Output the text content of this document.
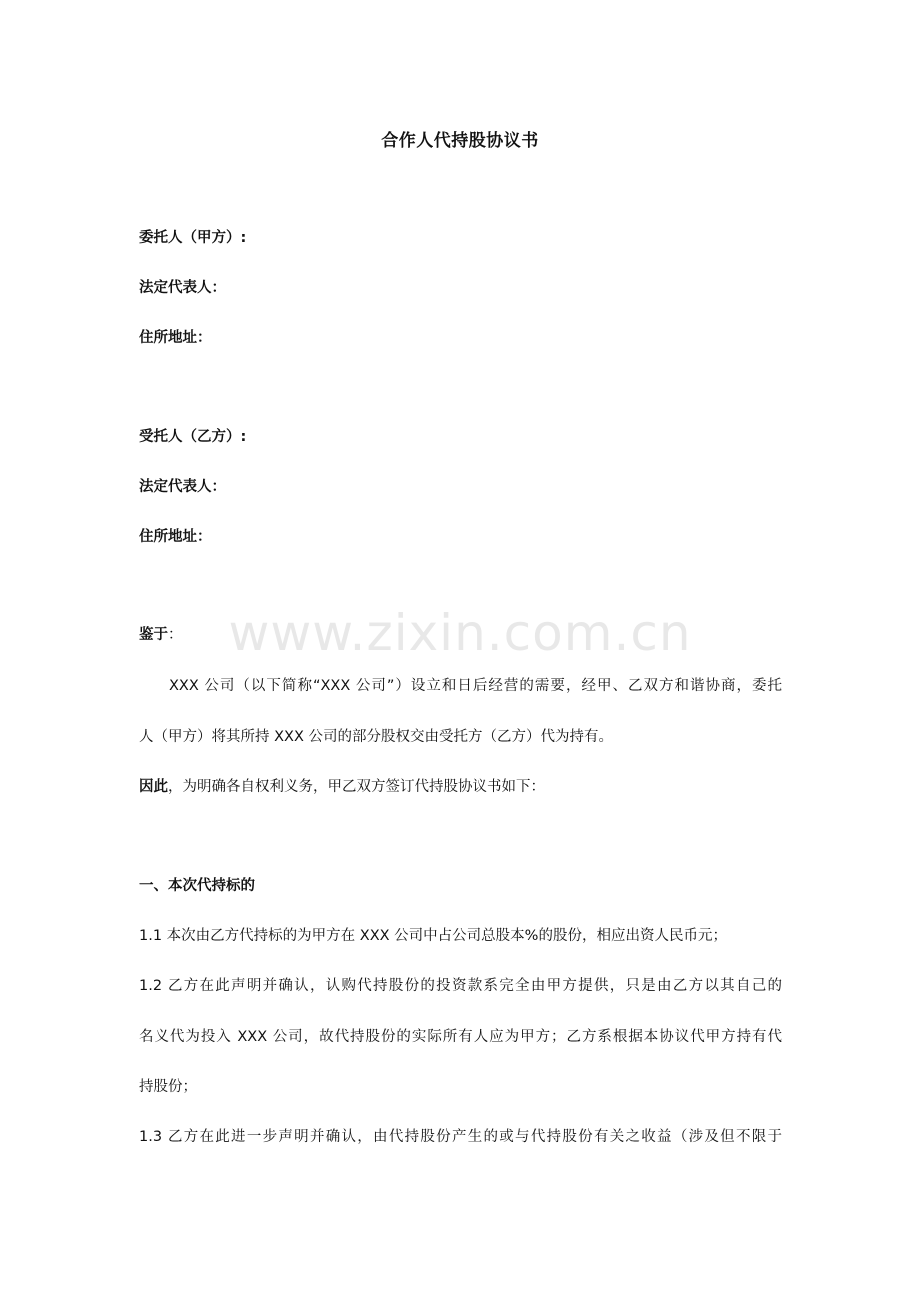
合作人代持股协议书
委托人（甲方）:
法定代表人：
住所地址：
受托人（乙方）:
法定代表人：
住所地址：
鉴于：
XXX 公司（以下简称“XXX 公司”）设立和日后经营的需要，经甲、乙双方和谐协商，委托
人（甲方）将其所持 XXX 公司的部分股权交由受托方（乙方）代为持有。
因此，为明确各自权利义务，甲乙双方签订代持股协议书如下：
一、本次代持标的
1.1 本次由乙方代持标的为甲方在 XXX 公司中占公司总股本%的股份，相应出资人民币元；
1.2 乙方在此声明并确认，认购代持股份的投资款系完全由甲方提供，只是由乙方以其自己的
名义代为投入 XXX 公司，故代持股份的实际所有人应为甲方；乙方系根据本协议代甲方持有代
持股份；
1.3 乙方在此进一步声明并确认，由代持股份产生的或与代持股份有关之收益（涉及但不限于
www.zixin.com.cn
